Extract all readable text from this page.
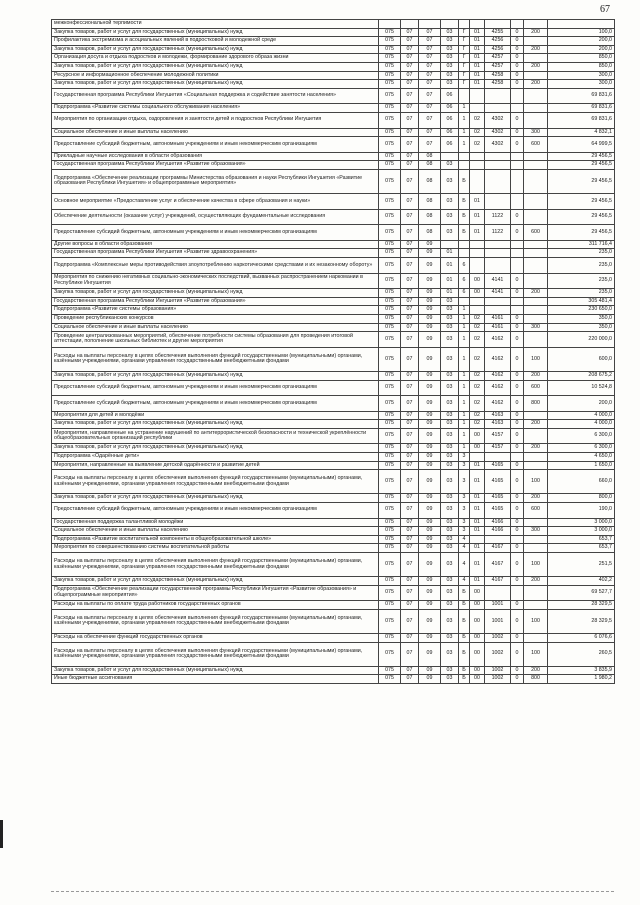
67
межконфессиональной терпимости										
Закупка товаров, работ и услуг для государственных (муниципальных) нужд	075	07	07	03	Г	01	4255	0	200	100,0
Профилактика экстремизма и асоциальных явлений в подростковой и молодежной среде	075	07	07	03	Г	01	4256	0		200,0
Закупка товаров, работ и услуг для государственных (муниципальных) нужд	075	07	07	03	Г	01	4256	0	200	200,0
Организация досуга и отдыха подростков и молодежи, формирование здорового образа жизни	075	07	07	03	Г	01	4257	0		850,0
Закупка товаров, работ и услуг для государственных (муниципальных) нужд	075	07	07	03	Г	01	4257	0	200	850,0
Ресурсное и информационное обеспечение молодежной политики	075	07	07	03	Г	01	4258	0		300,0
Закупка товаров, работ и услуг для государственных (муниципальных) нужд	075	07	07	03	Г	01	4258	0	200	300,0
Государственная программа Республики Ингушетия «Социальная поддержка и содействие занятости населения»	075	07	07	06						69 831,6
Подпрограмма «Развитие системы социального обслуживания населения»	075	07	07	06	1					69 831,6
Мероприятия по организации отдыха, оздоровления и занятости детей и подростков Республики Ингушетия	075	07	07	06	1	02	4302	0		69 831,6
Социальное обеспечение и иные выплаты населению	075	07	07	06	1	02	4302	0	300	4 832,1
Предоставление субсидий бюджетным, автономным учреждениям и иным некоммерческим организациям	075	07	07	06	1	02	4302	0	600	64 999,5
Прикладные научные исследования в области образования	075	07	08							29 456,5
Государственная программа Республики Ингушетия «Развитие образования»	075	07	08	03						29 456,5
Подпрограмма «Обеспечение реализации программы Министерства образования и науки Республики Ингушетия «Развитие образования Республики Ингушетия» и общепрограммные мероприятия»	075	07	08	03	Б					29 456,5
Основное мероприятие «Предоставление услуг и обеспечение качества в сфере образования и науки»	075	07	08	03	Б	01				29 456,5
Обеспечение деятельности (оказание услуг) учреждений, осуществляющих фундаментальные исследования	075	07	08	03	Б	01	1122	0		29 456,5
Предоставление субсидий бюджетным, автономным учреждениям и иным некоммерческим организациям	075	07	08	03	Б	01	1122	0	600	29 456,5
Другие вопросы в области образования	075	07	09							311 716,4
Государственная программа Республики Ингушетия «Развитие здравоохранения»	075	07	09	01						235,0
Подпрограмма «Комплексные меры противодействия злоупотреблению наркотическими средствами и их незаконному обороту»	075	07	09	01	6					235,0
Мероприятия по снижению негативных социально-экономических последствий, вызванных распространением наркомании в Республике Ингушетия	075	07	09	01	6	00	4141	0		235,0
Закупка товаров, работ и услуг для государственных (муниципальных) нужд	075	07	09	01	6	00	4141	0	200	235,0
Государственная программа Республики Ингушетия «Развитие образования»	075	07	09	03						305 481,4
Подпрограмма «Развитие системы образования»	075	07	09	03	1					230 650,0
Проведение республиканских конкурсов	075	07	09	03	1	02	4161	0		350,0
Социальное обеспечение и иные выплаты населению	075	07	09	03	1	02	4161	0	300	350,0
Проведение централизованных мероприятий, обеспечение потребности системы образования для проведения итоговой аттестации, пополнение школьных библиотек и другие мероприятия	075	07	09	03	1	02	4162	0		220 000,0
Расходы на выплаты персоналу в целях обеспечения выполнения функций государственными (муниципальными) органами, казёнными учреждениями, органами управления государственными внебюджетными фондами	075	07	09	03	1	02	4162	0	100	600,0
Закупка товаров, работ и услуг для государственных (муниципальных) нужд	075	07	09	03	1	02	4162	0	200	208 675,2
Предоставление субсидий бюджетным, автономным учреждениям и иным некоммерческим организациям	075	07	09	03	1	02	4162	0	600	10 524,8
Предоставление субсидий бюджетным, автономным учреждениям и иным некоммерческим организациям	075	07	09	03	1	02	4162	0	800	200,0
Мероприятия для детей и молодёжи	075	07	09	03	1	02	4163	0		4 000,0
Закупка товаров, работ и услуг для государственных (муниципальных) нужд	075	07	09	03	1	02	4163	0	200	4 000,0
Мероприятия, направленные на устранение нарушений по антитеррористической безопасности и технической укреплённости общеобразовательных организаций республики	075	07	09	03	1	00	4157	0		6 300,0
Закупка товаров, работ и услуг для государственных (муниципальных) нужд	075	07	09	03	1	00	4157	0	200	6 300,0
Подпрограмма «Одарённые дети»	075	07	09	03	3					4 650,0
Мероприятия, направленные на выявление детской одарённости и развитие детей	075	07	09	03	3	01	4165	0		1 650,0
Расходы на выплаты персоналу в целях обеспечения выполнения функций государственными (муниципальными) органами, казёнными учреждениями, органами управления государственными внебюджетными фондами	075	07	09	03	3	01	4165	0	100	660,0
Закупка товаров, работ и услуг для государственных (муниципальных) нужд	075	07	09	03	3	01	4165	0	200	800,0
Предоставление субсидий бюджетным, автономным учреждениям и иным некоммерческим организациям	075	07	09	03	3	01	4165	0	600	190,0
Государственная поддержка талантливой молодёжи	075	07	09	03	3	01	4166	0		3 000,0
Социальное обеспечение и иные выплаты населению	075	07	09	03	3	01	4166	0	300	3 000,0
Подпрограмма «Развитие воспитательной компоненты в общеобразовательной школе»	075	07	09	03	4					653,7
Мероприятия по совершенствованию системы воспитательной работы	075	07	09	03	4	01	4167	0		653,7
Расходы на выплаты персоналу в целях обеспечения выполнения функций государственными (муниципальными) органами, казёнными учреждениями, органами управления государственными внебюджетными фондами	075	07	09	03	4	01	4167	0	100	251,5
Закупка товаров, работ и услуг для государственных (муниципальных) нужд	075	07	09	03	4	01	4167	0	200	402,2
Подпрограмма «Обеспечение реализации государственной программы Республики Ингушетия «Развитие образования» и общепрограммные мероприятия»	075	07	09	03	Б	00				69 527,7
Расходы на выплаты по оплате труда работников государственных органов	075	07	09	03	Б	00	1001	0		28 329,5
Расходы на выплаты персоналу в целях обеспечения выполнения функций государственными (муниципальными) органами, казёнными учреждениями, органами управления государственными внебюджетными фондами	075	07	09	03	Б	00	1001	0	100	28 329,5
Расходы на обеспечение функций государственных органов	075	07	09	03	Б	00	1002	0		6 076,6
Расходы на выплаты персоналу в целях обеспечения выполнения функций государственными (муниципальными) органами, казёнными учреждениями, органами управления государственными внебюджетными фондами	075	07	09	03	Б	00	1002	0	100	260,5
Закупка товаров, работ и услуг для государственных (муниципальных) нужд	075	07	09	03	Б	00	1002	0	200	3 835,9
Иные бюджетные ассигнования	075	07	09	03	Б	00	1002	0	800	1 980,2
